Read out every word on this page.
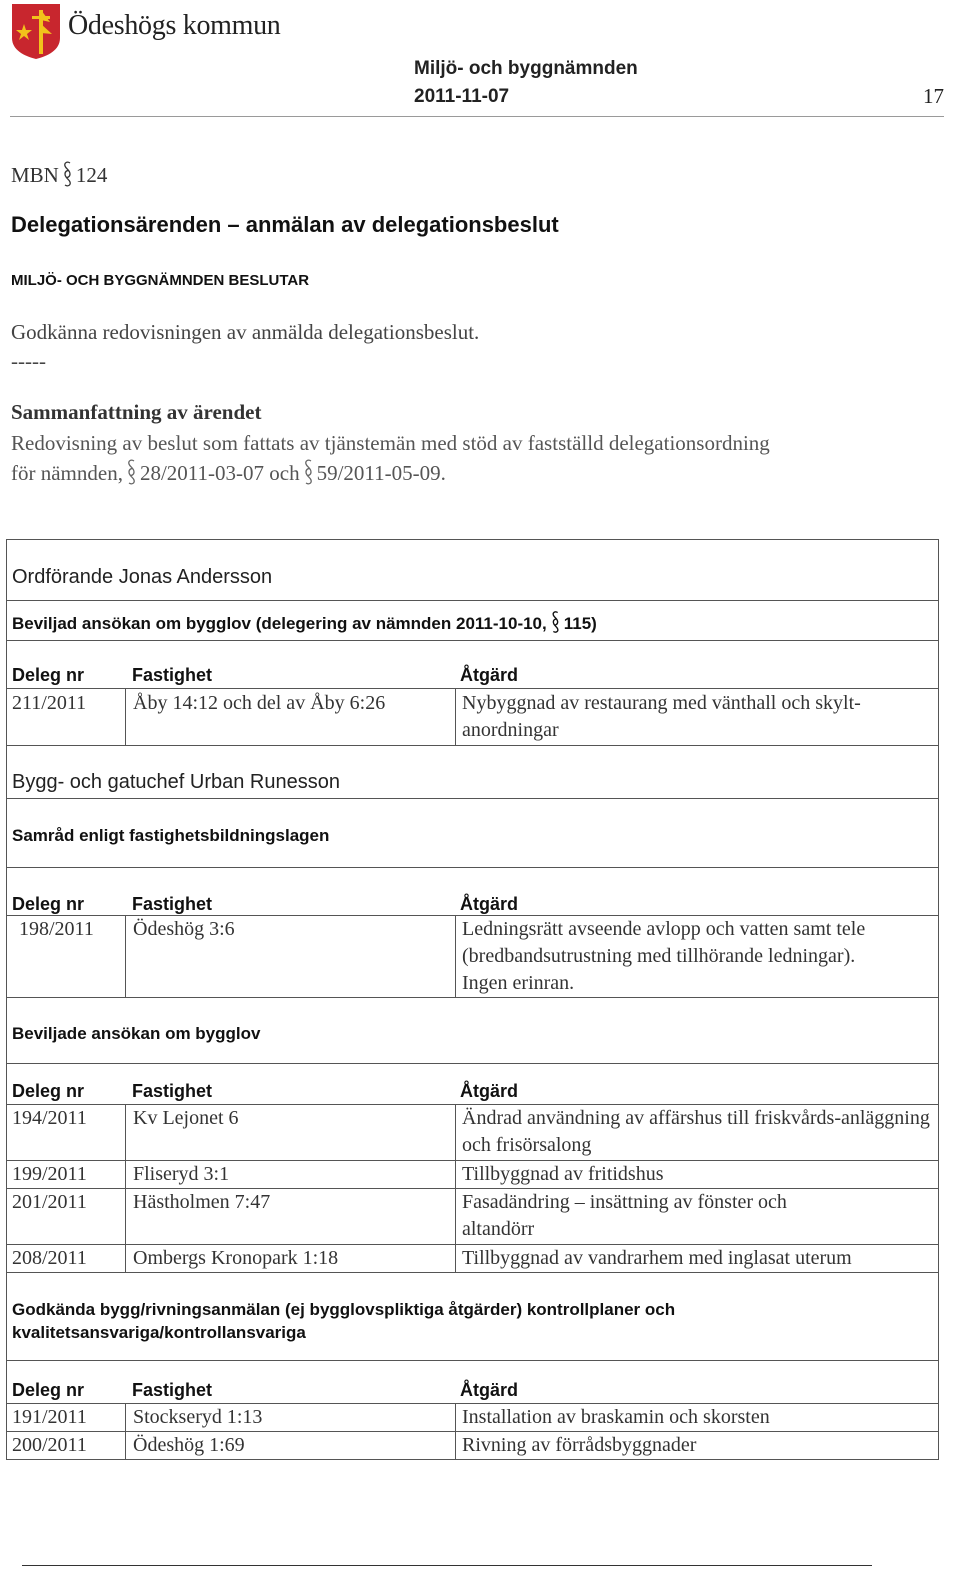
Ödeshögs kommun
Miljö- och byggnämnden
2011-11-07	17
MBN 124
Delegationsärenden – anmälan av delegationsbeslut
MILJÖ- OCH BYGGNÄMNDEN BESLUTAR
Godkänna redovisningen av anmälda delegationsbeslut.
-----
Sammanfattning av ärendet
Redovisning av beslut som fattats av tjänstemän med stöd av fastställd delegationsordning
för nämnden, 28/2011-03-07 och 59/2011-05-09.
Ordförande Jonas Andersson
Beviljad ansökan om bygglov (delegering av nämnden 2011-10-10, 115)
Deleg nr	Fastighet	Åtgärd
211/2011	Åby 14:12 och del av Åby 6:26	Nybyggnad av restaurang med vänthall och skylt-anordningar
Bygg- och gatuchef Urban Runesson
Samråd enligt fastighetsbildningslagen
Deleg nr	Fastighet	Åtgärd
198/2011	Ödeshög 3:6	Ledningsrätt avseende avlopp och vatten samt tele (bredbandsutrustning med tillhörande ledningar). Ingen erinran.
Beviljade ansökan om bygglov
Deleg nr	Fastighet	Åtgärd
194/2011	Kv Lejonet 6	Ändrad användning av affärshus till friskvårds-anläggning och frisörsalong
199/2011	Fliseryd 3:1	Tillbyggnad av fritidshus
201/2011	Hästholmen 7:47	Fasadändring – insättning av fönster och altandörr
208/2011	Ombergs Kronopark 1:18	Tillbyggnad av vandrarhem med inglasat uterum
Godkända bygg/rivningsanmälan (ej bygglovspliktiga åtgärder) kontrollplaner och kvalitetsansvariga/kontrollansvariga
Deleg nr	Fastighet	Åtgärd
191/2011	Stockseryd 1:13	Installation av braskamin och skorsten
200/2011	Ödeshög 1:69	Rivning av förrådsbyggnader
